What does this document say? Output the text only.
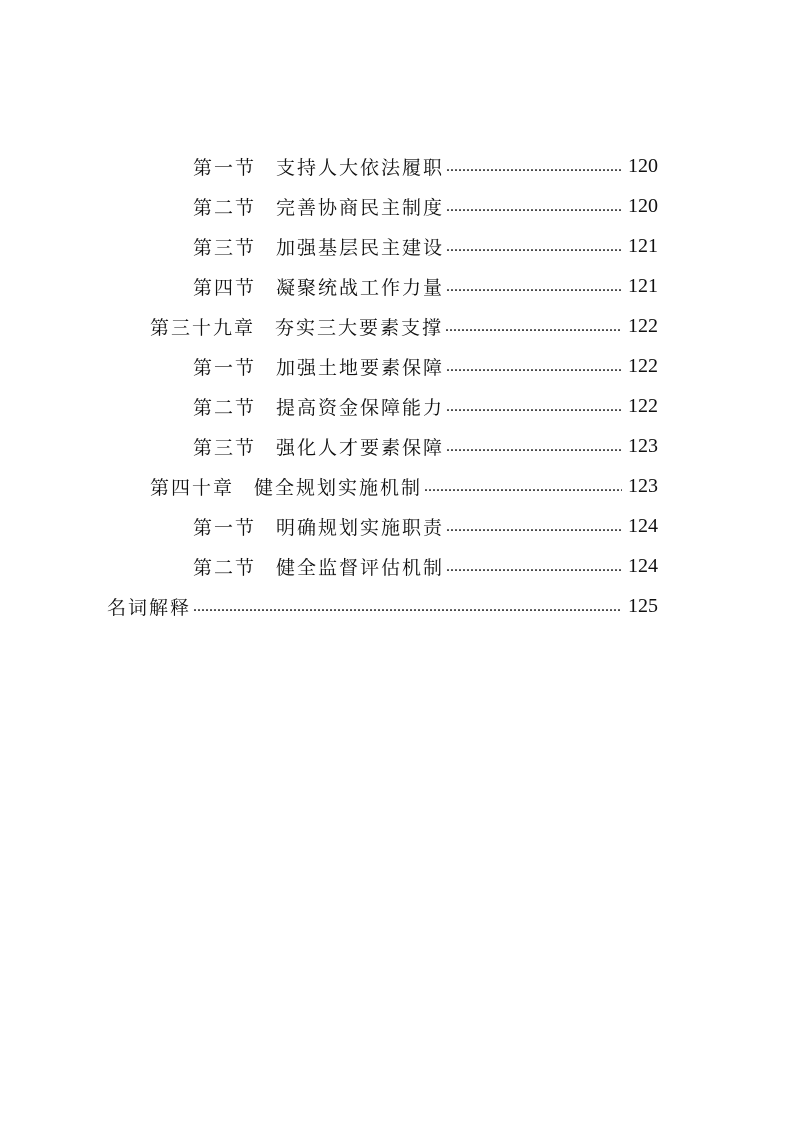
第一节 支持人大依法履职 .....	120
第二节 完善协商民主制度 .....	120
第三节 加强基层民主建设 .....	121
第四节 凝聚统战工作力量 .....	121
第三十九章 夯实三大要素支撑 .....	122
第一节 加强土地要素保障 .....	122
第二节 提高资金保障能力 .....	122
第三节 强化人才要素保障 .....	123
第四十章 健全规划实施机制 .....	123
第一节 明确规划实施职责 .....	124
第二节 健全监督评估机制 .....	124
名词解释 .....	125
